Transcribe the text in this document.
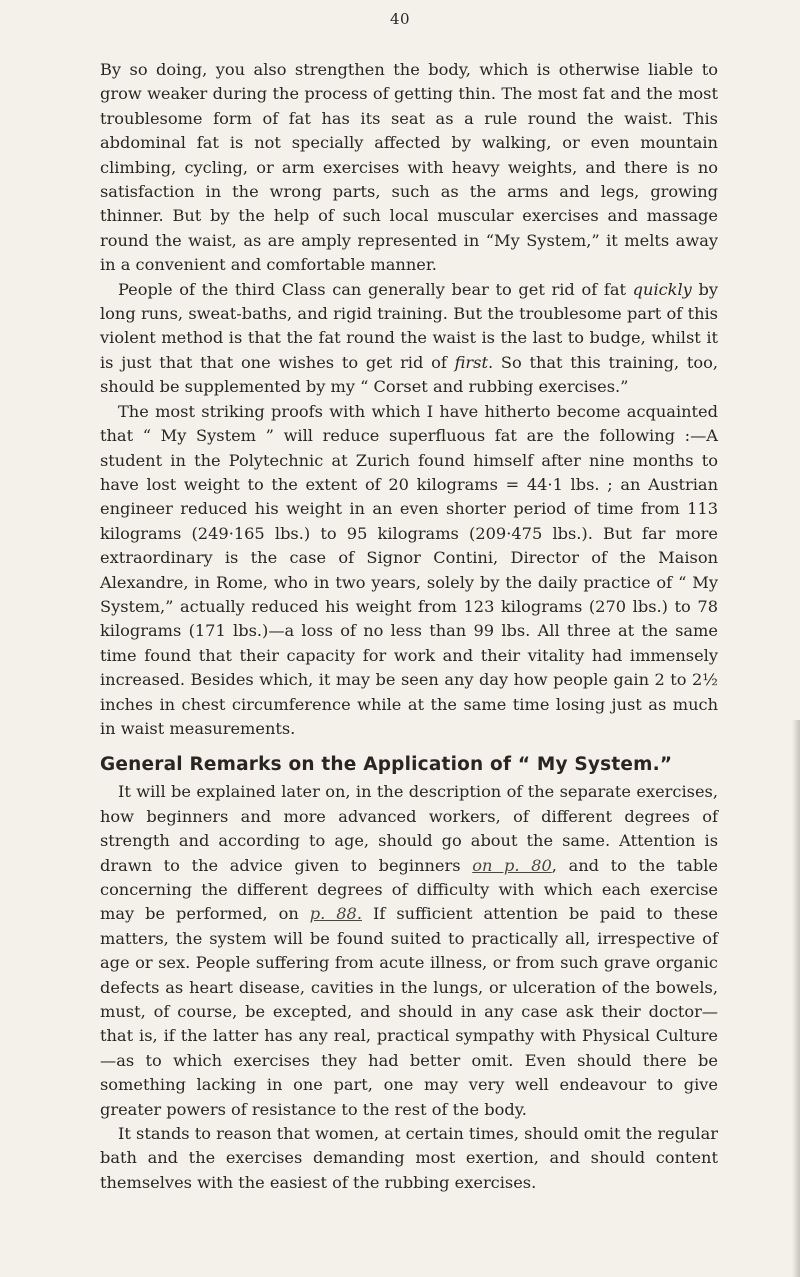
40

By so doing, you also strengthen the body, which is otherwise liable to grow weaker during the process of getting thin. The most fat and the most troublesome form of fat has its seat as a rule round the waist. This abdominal fat is not specially affected by walking, or even mountain climbing, cycling, or arm exercises with heavy weights, and there is no satisfaction in the wrong parts, such as the arms and legs, growing thinner. But by the help of such local muscular exercises and massage round the waist, as are amply represented in “My System,” it melts away in a convenient and comfortable manner.

People of the third Class can generally bear to get rid of fat quickly by long runs, sweat-baths, and rigid training. But the troublesome part of this violent method is that the fat round the waist is the last to budge, whilst it is just that that one wishes to get rid of first. So that this training, too, should be supplemented by my “ Corset and rubbing exercises.”

The most striking proofs with which I have hitherto become acquainted that “ My System ” will reduce superfluous fat are the following :—A student in the Polytechnic at Zurich found himself after nine months to have lost weight to the extent of 20 kilograms = 44·1 lbs. ; an Austrian engineer reduced his weight in an even shorter period of time from 113 kilograms (249·165 lbs.) to 95 kilograms (209·475 lbs.). But far more extraordinary is the case of Signor Contini, Director of the Maison Alexandre, in Rome, who in two years, solely by the daily practice of “ My System,” actually reduced his weight from 123 kilograms (270 lbs.) to 78 kilograms (171 lbs.)—a loss of no less than 99 lbs. All three at the same time found that their capacity for work and their vitality had immensely increased. Besides which, it may be seen any day how people gain 2 to 2½ inches in chest circumference while at the same time losing just as much in waist measurements.

General Remarks on the Application of “ My System.”

It will be explained later on, in the description of the separate exercises, how beginners and more advanced workers, of different degrees of strength and according to age, should go about the same. Attention is drawn to the advice given to beginners on p. 80, and to the table concerning the different degrees of difficulty with which each exercise may be performed, on p. 88. If sufficient attention be paid to these matters, the system will be found suited to practically all, irrespective of age or sex. People suffering from acute illness, or from such grave organic defects as heart disease, cavities in the lungs, or ulceration of the bowels, must, of course, be excepted, and should in any case ask their doctor—that is, if the latter has any real, practical sympathy with Physical Culture—as to which exercises they had better omit. Even should there be something lacking in one part, one may very well endeavour to give greater powers of resistance to the rest of the body.

It stands to reason that women, at certain times, should omit the regular bath and the exercises demanding most exertion, and should content themselves with the easiest of the rubbing exercises.
